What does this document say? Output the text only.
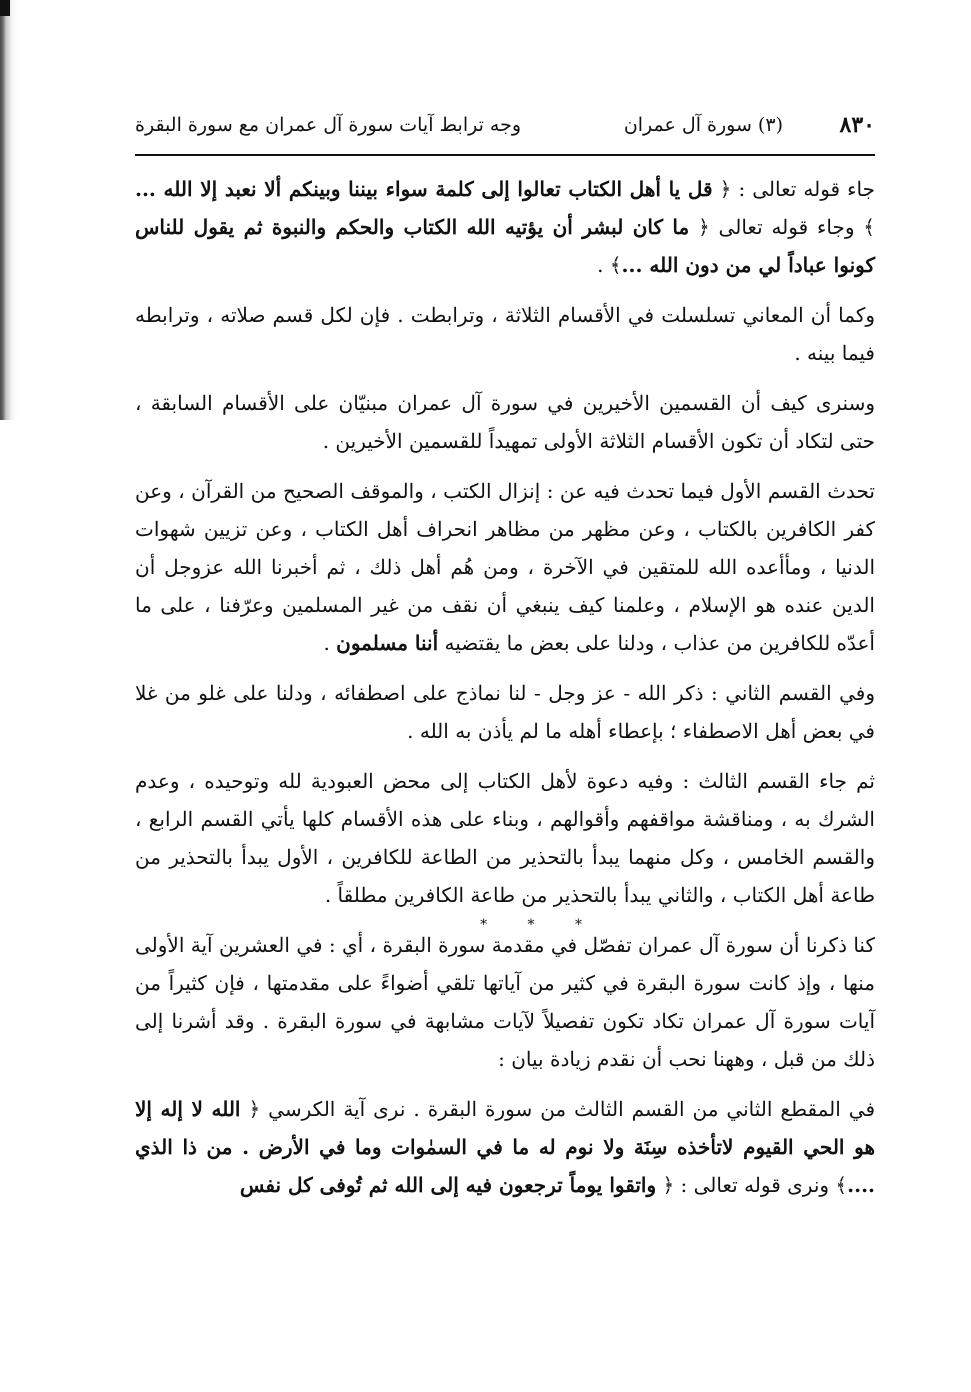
٨٣٠
(٣) سورة آل عمران
وجه ترابط آيات سورة آل عمران مع سورة البقرة

جاء قوله تعالى : ﴿ قل يا أهل الكتاب تعالوا إلى كلمة سواء بيننا وبينكم ألا نعبد إلا الله ... ﴾ وجاء قوله تعالى ﴿ ما كان لبشر أن يؤتيه الله الكتاب والحكم والنبوة ثم يقول للناس كونوا عباداً لي من دون الله ...﴾ .

وكما أن المعاني تسلسلت في الأقسام الثلاثة ، وترابطت . فإن لكل قسم صلاته ، وترابطه فيما بينه .

وسنرى كيف أن القسمين الأخيرين في سورة آل عمران مبنيّان على الأقسام السابقة ، حتى لتكاد أن تكون الأقسام الثلاثة الأولى تمهيداً للقسمين الأخيرين .

تحدث القسم الأول فيما تحدث فيه عن : إنزال الكتب ، والموقف الصحيح من القرآن ، وعن كفر الكافرين بالكتاب ، وعن مظهر من مظاهر انحراف أهل الكتاب ، وعن تزيين شهوات الدنيا ، ومأأعده الله للمتقين في الآخرة ، ومن هُم أهل ذلك ، ثم أخبرنا الله عزوجل أن الدين عنده هو الإسلام ، وعلمنا كيف ينبغي أن نقف من غير المسلمين وعرّفنا ، على ما أعدّه للكافرين من عذاب ، ودلنا على بعض ما يقتضيه أننا مسلمون .

وفي القسم الثاني : ذكر الله - عز وجل - لنا نماذج على اصطفائه ، ودلنا على غلو من غلا في بعض أهل الاصطفاء ؛ بإعطاء أهله ما لم يأذن به الله .

ثم جاء القسم الثالث : وفيه دعوة لأهل الكتاب إلى محض العبودية لله وتوحيده ، وعدم الشرك به ، ومناقشة مواقفهم وأقوالهم ، وبناء على هذه الأقسام كلها يأتي القسم الرابع ، والقسم الخامس ، وكل منهما يبدأ بالتحذير من الطاعة للكافرين ، الأول يبدأ بالتحذير من طاعة أهل الكتاب ، والثاني يبدأ بالتحذير من طاعة الكافرين مطلقاً .

* * *

كنا ذكرنا أن سورة آل عمران تفصّل في مقدمة سورة البقرة ، أي : في العشرين آية الأولى منها ، وإذ كانت سورة البقرة في كثير من آياتها تلقي أضواءً على مقدمتها ، فإن كثيراً من آيات سورة آل عمران تكاد تكون تفصيلاً لآيات مشابهة في سورة البقرة . وقد أشرنا إلى ذلك من قبل ، وههنا نحب أن نقدم زيادة بيان :

في المقطع الثاني من القسم الثالث من سورة البقرة . نرى آية الكرسي ﴿ الله لا إله إلا هو الحي القيوم لاتأخذه سِنَة ولا نوم له ما في السمٰوات وما في الأرض . من ذا الذي ....﴾ ونرى قوله تعالى : ﴿ واتقوا يوماً ترجعون فيه إلى الله ثم تُوفى كل نفس
